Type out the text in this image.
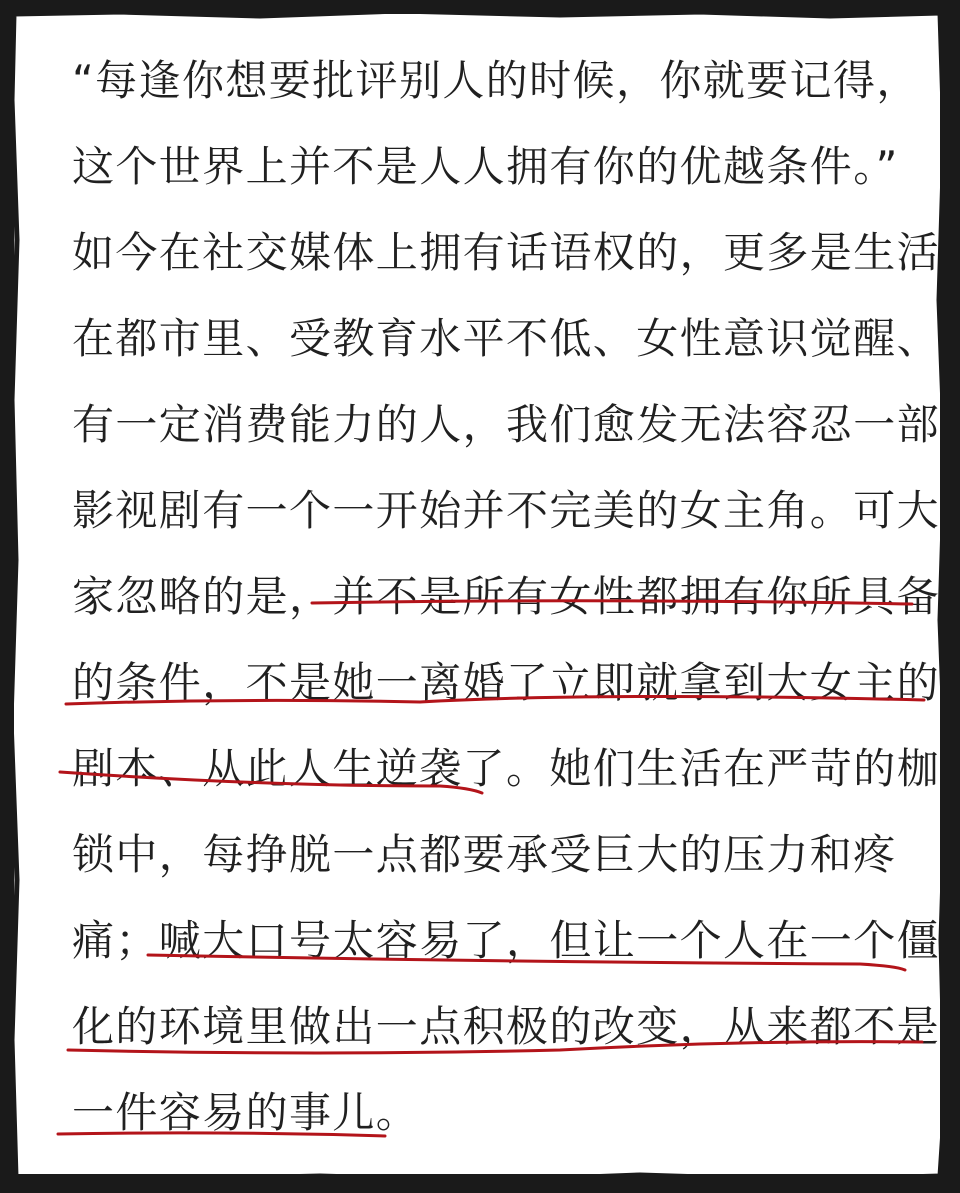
“每逢你想要批评别人的时候，你就要记得，
这个世界上并不是人人拥有你的优越条件。”
如今在社交媒体上拥有话语权的，更多是生活
在都市里、受教育水平不低、女性意识觉醒、
有一定消费能力的人，我们愈发无法容忍一部
影视剧有一个一开始并不完美的女主角。可大
家忽略的是，并不是所有女性都拥有你所具备
的条件，不是她一离婚了立即就拿到大女主的
剧本、从此人生逆袭了。她们生活在严苛的枷
锁中，每挣脱一点都要承受巨大的压力和疼
痛；喊大口号太容易了，但让一个人在一个僵
化的环境里做出一点积极的改变，从来都不是
一件容易的事儿。
